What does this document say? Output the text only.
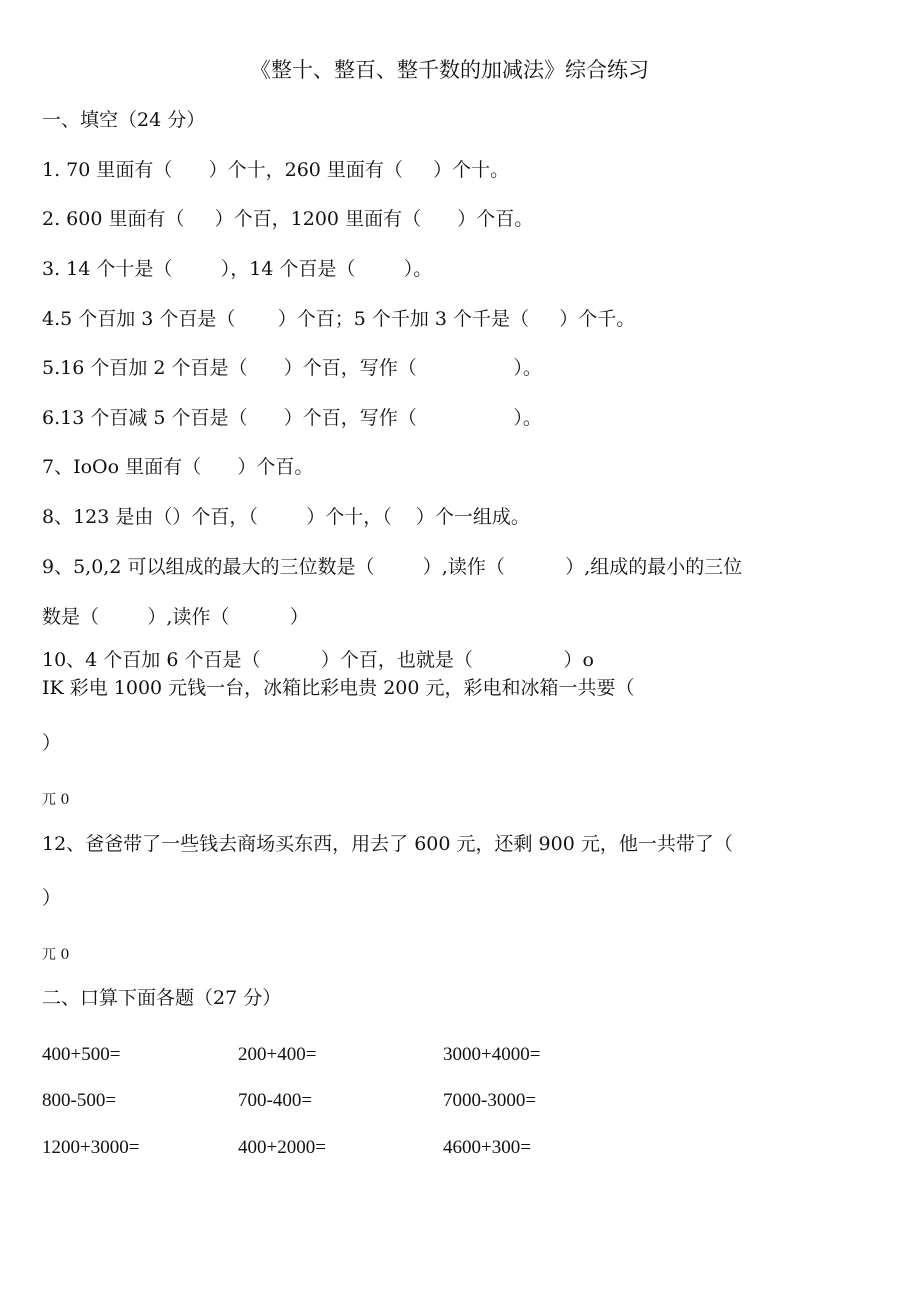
《整十、整百、整千数的加减法》综合练习
一、填空（24 分）
1. 70 里面有（      ）个十，260 里面有（     ）个十。
2. 600 里面有（     ）个百，1200 里面有（      ）个百。
3. 14 个十是（        ），14 个百是（        ）。
4.5 个百加 3 个百是（       ）个百；5 个千加 3 个千是（     ）个千。
5.16 个百加 2 个百是（      ）个百，写作（                ）。
6.13 个百减 5 个百是（      ）个百，写作（                ）。
7、IoOo 里面有（      ）个百。
8、123 是由（）个百，（        ）个十，（    ）个一组成。
9、5,0,2 可以组成的最大的三位数是（        ）,读作（          ）,组成的最小的三位
数是（        ）,读作（          ）
10、4 个百加 6 个百是（          ）个百，也就是（               ）o
IK 彩电 1000 元钱一台，冰箱比彩电贵 200 元，彩电和冰箱一共要（
）
兀 0
12、爸爸带了一些钱去商场买东西，用去了 600 元，还剩 900 元，他一共带了（
）
兀 0
二、口算下面各题（27 分）
400+500=	200+400=	3000+4000=
800-500=	700-400=	7000-3000=
1200+3000=	400+2000=	4600+300=
